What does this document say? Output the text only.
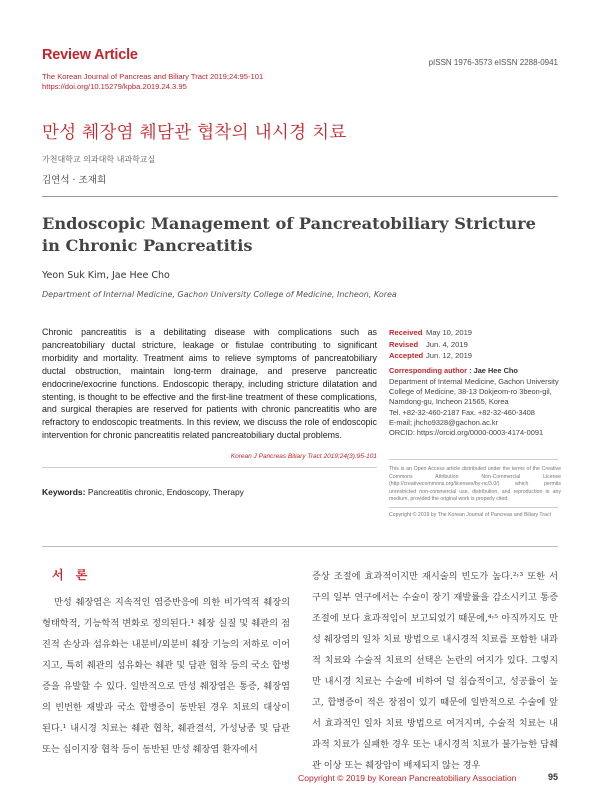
Review Article
The Korean Journal of Pancreas and Biliary Tract 2019;24:95-101
https://doi.org/10.15279/kpba.2019.24.3.95
pISSN 1976-3573 eISSN 2288-0941
만성 췌장염 췌담관 협착의 내시경 치료
가천대학교 의과대학 내과학교실
김연석 · 조재희
Endoscopic Management of Pancreatobiliary Stricture in Chronic Pancreatitis
Yeon Suk Kim, Jae Hee Cho
Department of Internal Medicine, Gachon University College of Medicine, Incheon, Korea
Chronic pancreatitis is a debilitating disease with complications such as pancreatobiliary ductal stricture, leakage or fistulae contributing to significant morbidity and mortality. Treatment aims to relieve symptoms of pancreatobiliary ductal obstruction, maintain long-term drainage, and preserve pancreatic endocrine/exocrine functions. Endoscopic therapy, including stricture dilatation and stenting, is thought to be effective and the first-line treatment of these complications, and surgical therapies are reserved for patients with chronic pancreatitis who are refractory to endoscopic treatments. In this review, we discuss the role of endoscopic intervention for chronic pancreatitis related pancreatobiliary ductal problems.
Korean J Pancreas Biliary Tract 2019;24(3):95-101
Keywords: Pancreatitis chronic, Endoscopy, Therapy
Received May 10, 2019
Revised Jun. 4, 2019
Accepted Jun. 12, 2019
Corresponding author : Jae Hee Cho
Department of Internal Medicine, Gachon University
College of Medicine, 38-13 Dokjeom-ro 3beon-gil,
Namdong-gu, Incheon 21565, Korea
Tel. +82-32-460-2187 Fax. +82-32-460-3408
E-mail; jhcho9328@gachon.ac.kr
ORCID: https://orcid.org/0000-0003-4174-0091
This is an Open Access article distributed under the terms of the Creative Commons Attribution Non-Commercial License (http://creativecommons.org/licenses/by-nc/3.0/) which permits unrestricted non-commercial use, distribution, and reproduction in any medium, provided the original work is properly cited.
Copyright © 2019 by The Korean Journal of Pancreas and Biliary Tract
서 론
만성 췌장염은 지속적인 염증반응에 의한 비가역적 췌장의 형태학적, 기능학적 변화로 정의된다.¹ 췌장 실질 및 췌관의 점진적 손상과 섬유화는 내분비/외분비 췌장 기능의 저하로 이어지고, 특히 췌관의 섬유화는 췌관 및 담관 협착 등의 국소 합병증을 유발할 수 있다. 일반적으로 만성 췌장염은 통증, 췌장염의 빈번한 재발과 국소 합병증이 동반된 경우 치료의 대상이 된다.¹ 내시경 치료는 췌관 협착, 췌관결석, 가성낭종 및 담관 또는 십이지장 협착 등이 동반된 만성 췌장염 환자에서
증상 조절에 효과적이지만 재시술의 빈도가 높다.²˒³ 또한 서구의 일부 연구에서는 수술이 장기 재발률을 감소시키고 통증 조절에 보다 효과적임이 보고되었기 때문에,⁴˒⁵ 아직까지도 만성 췌장염의 일차 치료 방법으로 내시경적 치료를 포함한 내과적 치료와 수술적 치료의 선택은 논란의 여지가 있다. 그렇지만 내시경 치료는 수술에 비하여 덜 침습적이고, 성공률이 높고, 합병증이 적은 장점이 있기 때문에 일반적으로 수술에 앞서 효과적인 일차 치료 방법으로 여겨지며, 수술적 치료는 내과적 치료가 실패한 경우 또는 내시경적 치료가 불가능한 담췌관 이상 또는 췌장암이 배제되지 않는 경우
Copyright © 2019 by Korean Pancreatobiliary Association	95
